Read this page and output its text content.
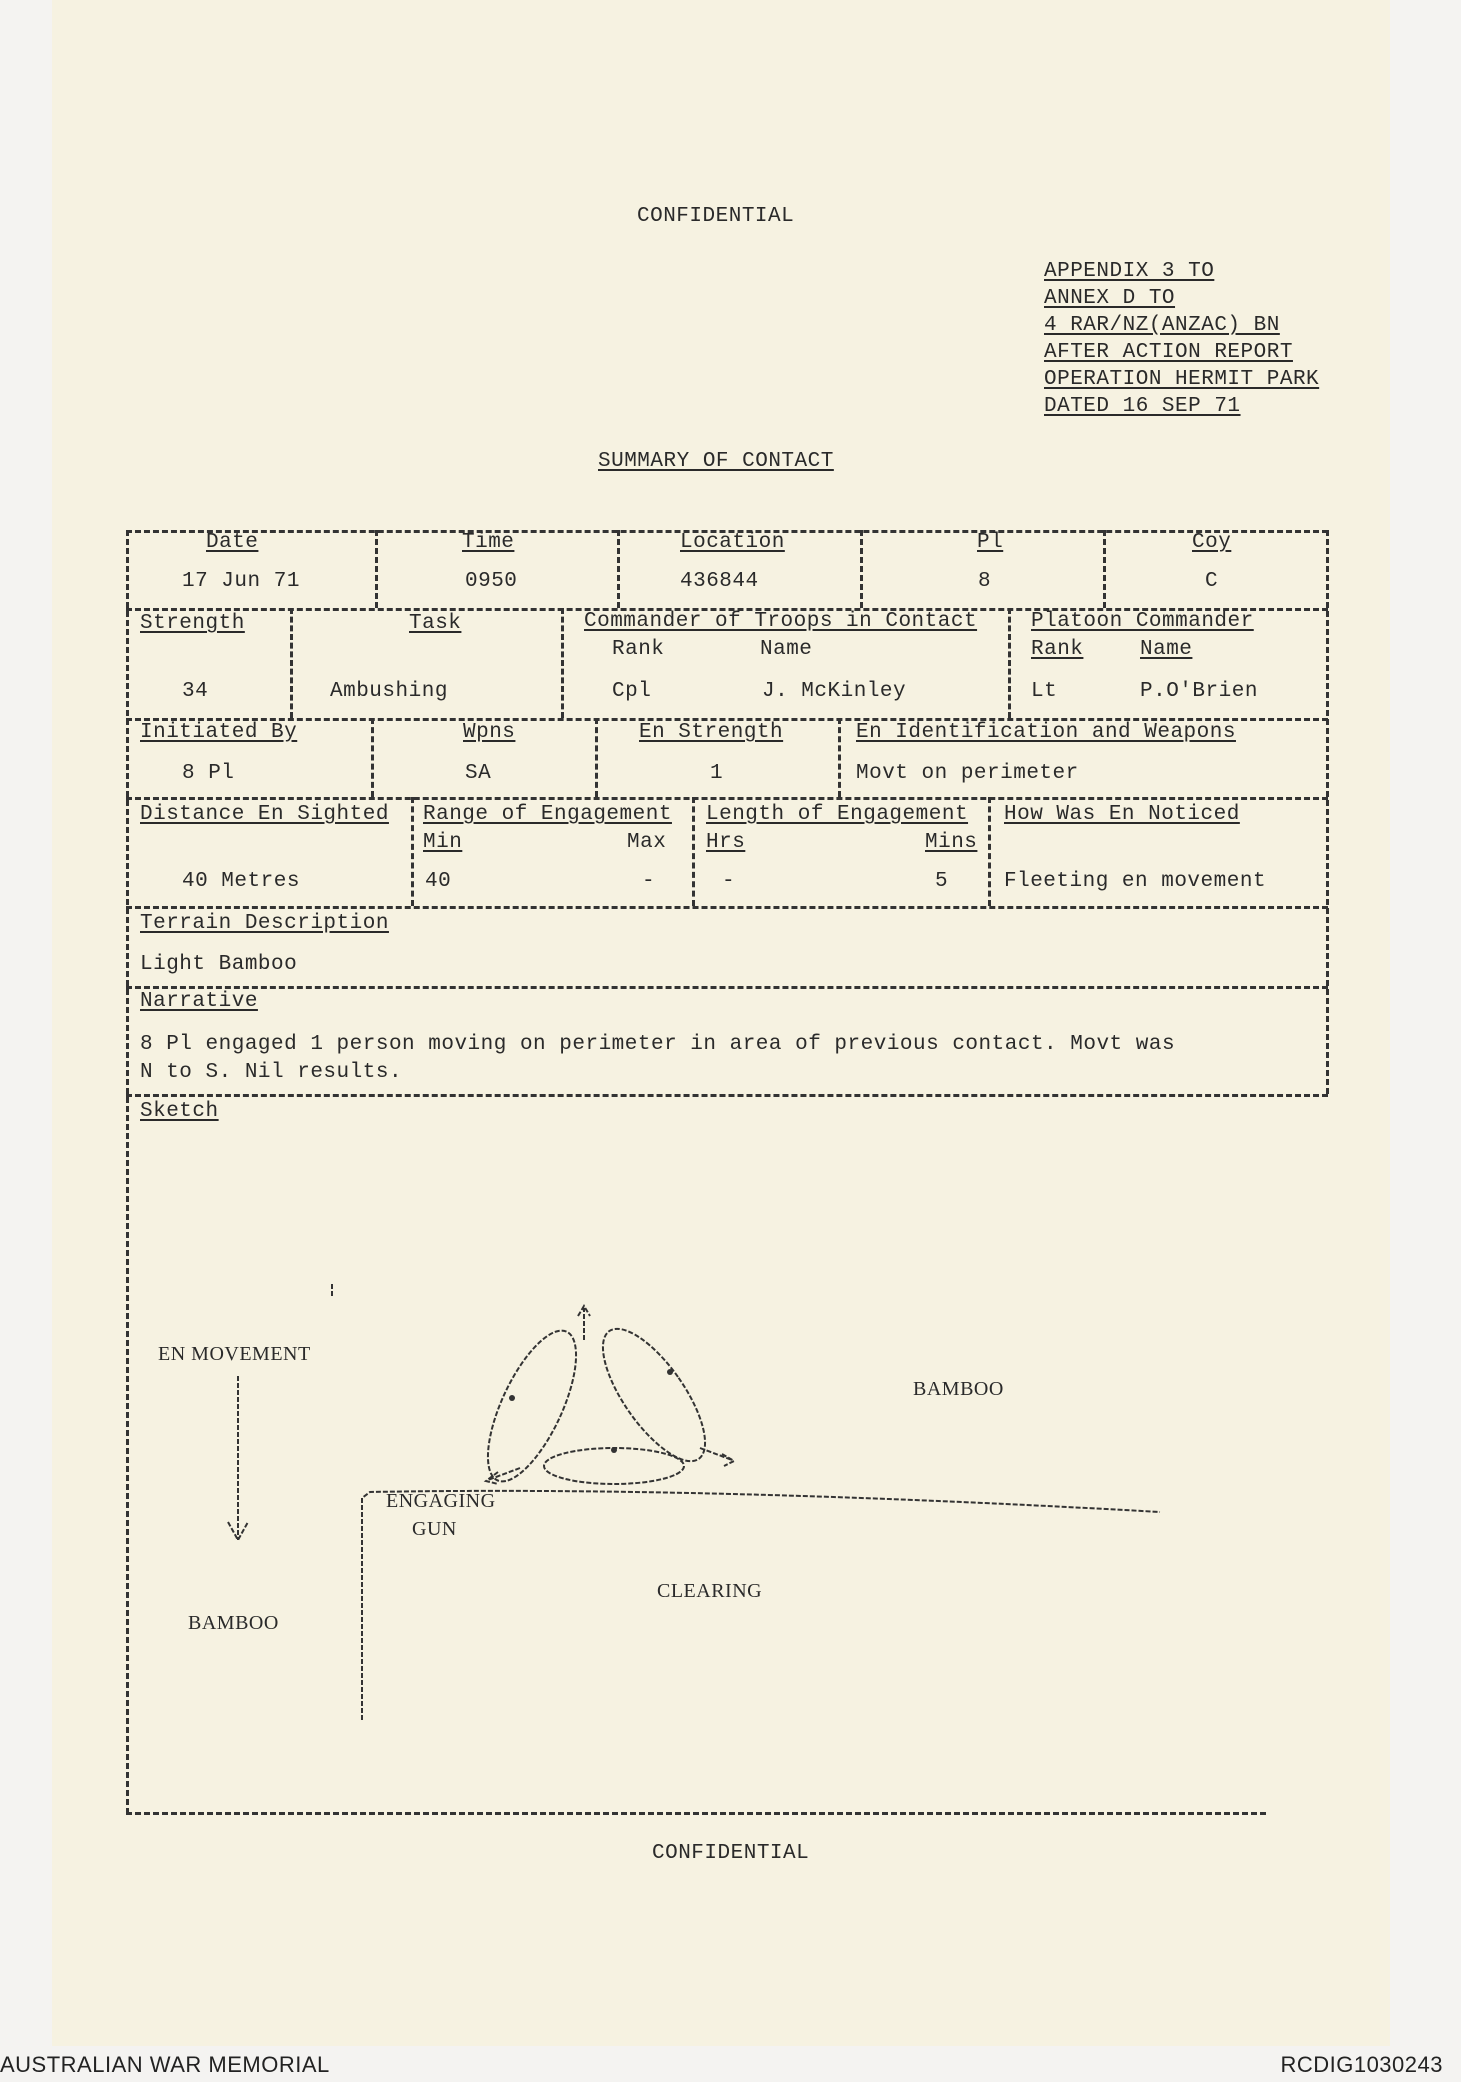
CONFIDENTIAL
APPENDIX 3 TO
ANNEX D TO
4 RAR/NZ(ANZAC) BN
AFTER ACTION REPORT
OPERATION HERMIT PARK
DATED 16 SEP 71
SUMMARY OF CONTACT
Date
17 Jun 71
Time
0950
Location
436844
Pl
8
Coy
C
Strength
34
Task
Ambushing
Commander of Troops in Contact
Rank	Name
Cpl	J. McKinley
Platoon Commander
Rank	Name
Lt	P.O'Brien
Initiated By
8 Pl
Wpns
SA
En Strength
1
En Identification and Weapons
Movt on perimeter
Distance En Sighted
40 Metres
Range of Engagement
Min	Max
40	-
Length of Engagement
Hrs	Mins
-	5
How Was En Noticed
Fleeting en movement
Terrain Description
Light Bamboo
Narrative
8 Pl engaged 1 person moving on perimeter in area of previous contact. Movt was
N to S. Nil results.
Sketch
EN MOVEMENT
BAMBOO
ENGAGING
GUN
CLEARING
BAMBOO
CONFIDENTIAL
AUSTRALIAN WAR MEMORIAL	RCDIG1030243
